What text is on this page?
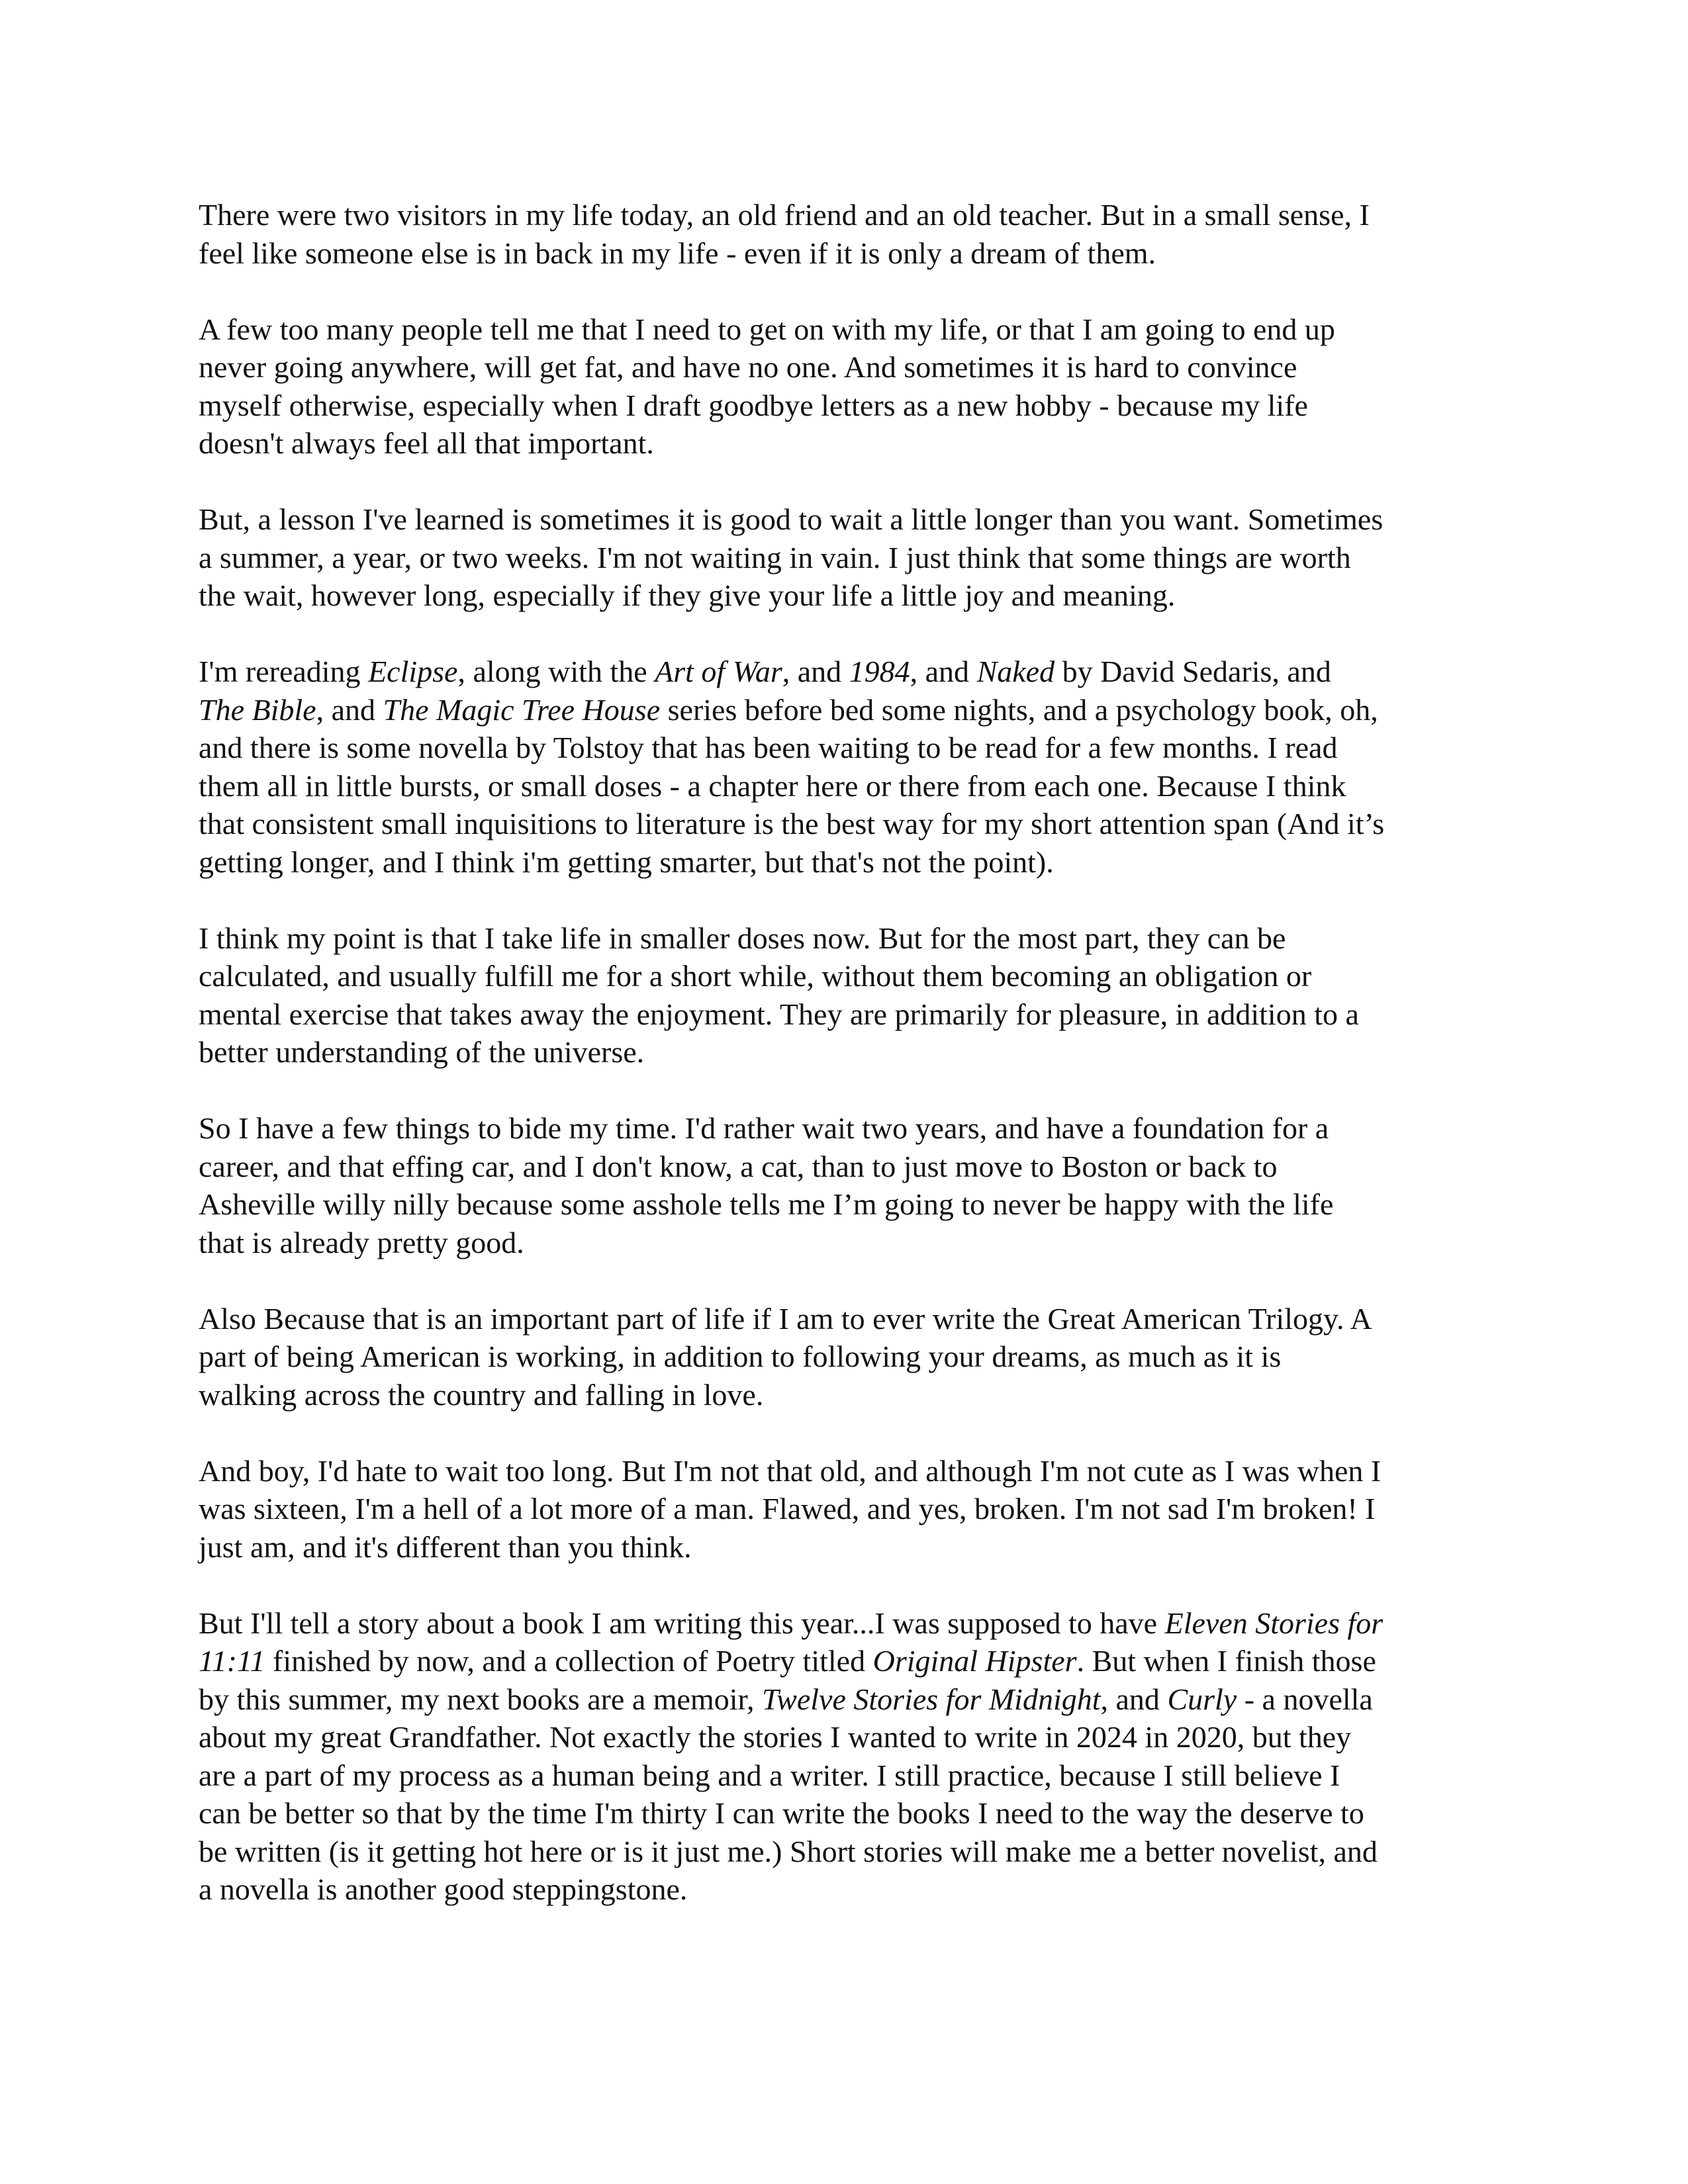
There were two visitors in my life today, an old friend and an old teacher. But in a small sense, I
feel like someone else is in back in my life - even if it is only a dream of them.

A few too many people tell me that I need to get on with my life, or that I am going to end up
never going anywhere, will get fat, and have no one. And sometimes it is hard to convince
myself otherwise, especially when I draft goodbye letters as a new hobby - because my life
doesn't always feel all that important.

But, a lesson I've learned is sometimes it is good to wait a little longer than you want. Sometimes
a summer, a year, or two weeks. I'm not waiting in vain. I just think that some things are worth
the wait, however long, especially if they give your life a little joy and meaning.

I'm rereading Eclipse, along with the Art of War, and 1984, and Naked by David Sedaris, and
The Bible, and The Magic Tree House series before bed some nights, and a psychology book, oh,
and there is some novella by Tolstoy that has been waiting to be read for a few months. I read
them all in little bursts, or small doses - a chapter here or there from each one. Because I think
that consistent small inquisitions to literature is the best way for my short attention span (And it’s
getting longer, and I think i'm getting smarter, but that's not the point).

I think my point is that I take life in smaller doses now. But for the most part, they can be
calculated, and usually fulfill me for a short while, without them becoming an obligation or
mental exercise that takes away the enjoyment. They are primarily for pleasure, in addition to a
better understanding of the universe.

So I have a few things to bide my time. I'd rather wait two years, and have a foundation for a
career, and that effing car, and I don't know, a cat, than to just move to Boston or back to
Asheville willy nilly because some asshole tells me I’m going to never be happy with the life
that is already pretty good.

Also Because that is an important part of life if I am to ever write the Great American Trilogy. A
part of being American is working, in addition to following your dreams, as much as it is
walking across the country and falling in love.

And boy, I'd hate to wait too long. But I'm not that old, and although I'm not cute as I was when I
was sixteen, I'm a hell of a lot more of a man. Flawed, and yes, broken. I'm not sad I'm broken! I
just am, and it's different than you think.

But I'll tell a story about a book I am writing this year...I was supposed to have Eleven Stories for
11:11 finished by now, and a collection of Poetry titled Original Hipster. But when I finish those
by this summer, my next books are a memoir, Twelve Stories for Midnight, and Curly - a novella
about my great Grandfather. Not exactly the stories I wanted to write in 2024 in 2020, but they
are a part of my process as a human being and a writer. I still practice, because I still believe I
can be better so that by the time I'm thirty I can write the books I need to the way the deserve to
be written (is it getting hot here or is it just me.) Short stories will make me a better novelist, and
a novella is another good steppingstone.
